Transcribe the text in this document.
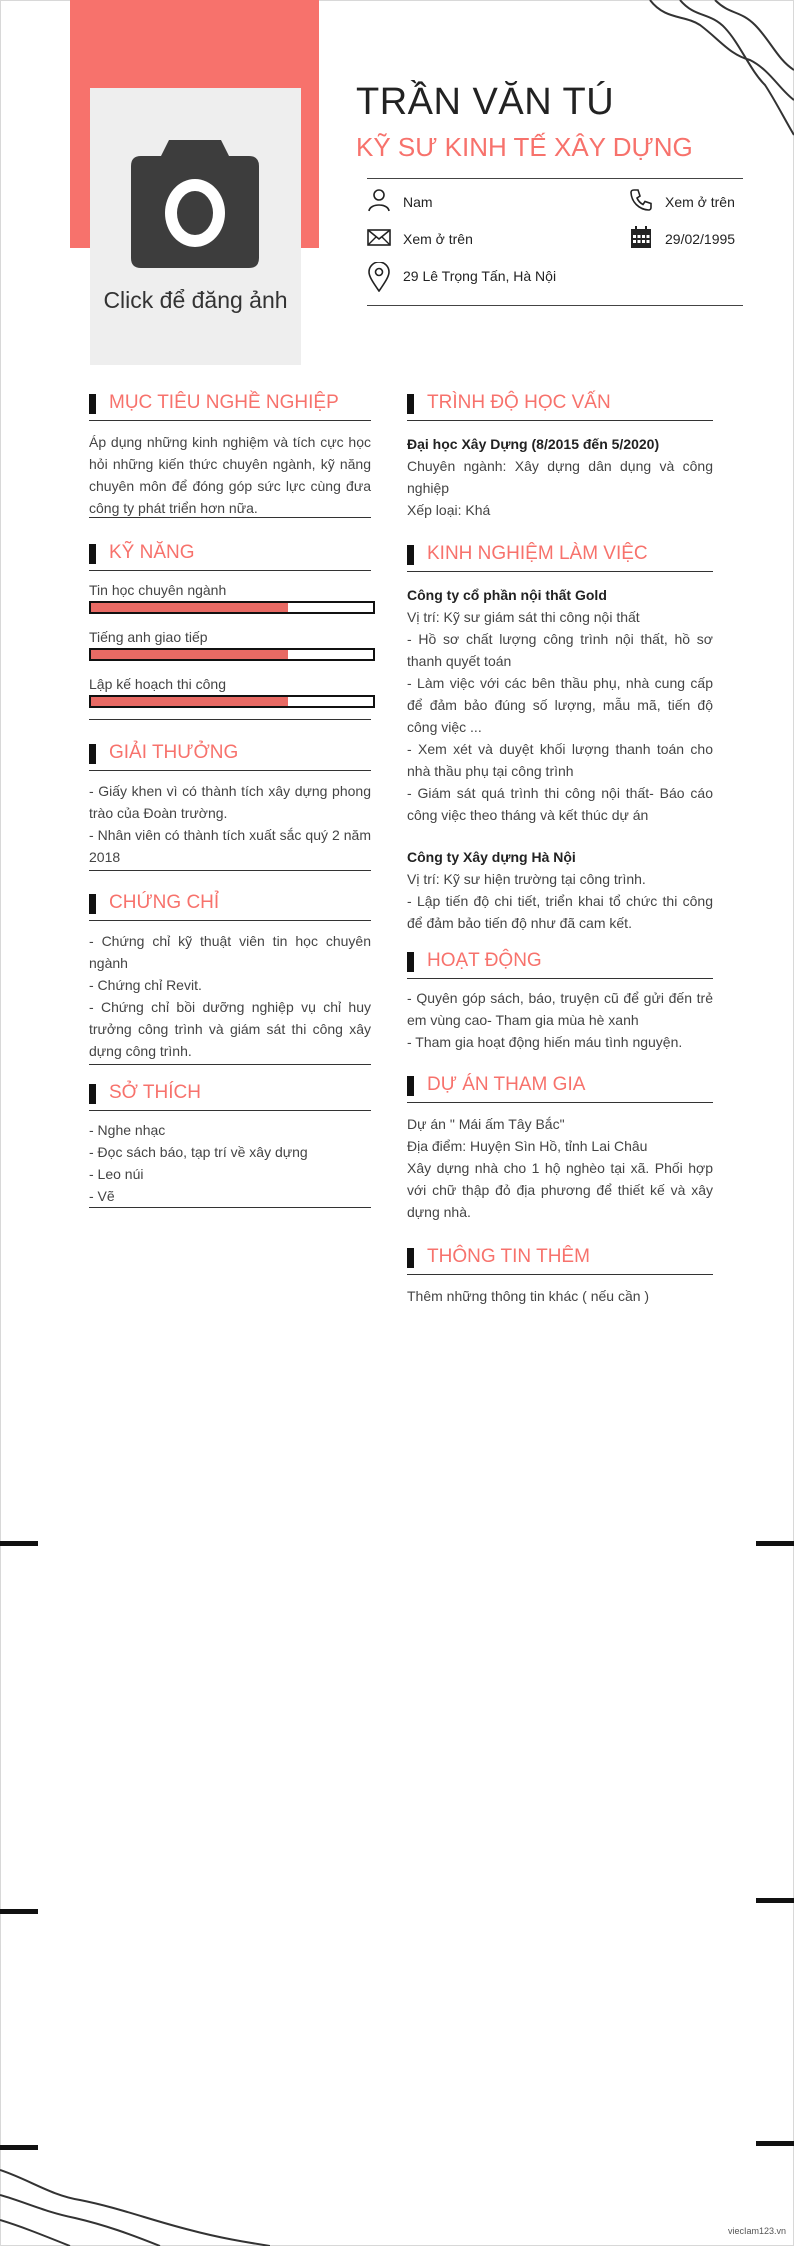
Click để đăng ảnh
TRẦN VĂN TÚ
KỸ SƯ KINH TẾ XÂY DỰNG
Nam	Xem ở trên
Xem ở trên	29/02/1995
29 Lê Trọng Tấn, Hà Nội
MỤC TIÊU NGHỀ NGHIỆP
Áp dụng những kinh nghiệm và tích cực học hỏi những kiến thức chuyên ngành, kỹ năng chuyên môn để đóng góp sức lực cùng đưa công ty phát triển hơn nữa.
KỸ NĂNG
Tin học chuyên ngành
Tiếng anh giao tiếp
Lập kế hoạch thi công
GIẢI THƯỞNG
- Giấy khen vì có thành tích xây dựng phong trào của Đoàn trường.
- Nhân viên có thành tích xuất sắc quý 2 năm 2018
CHỨNG CHỈ
- Chứng chỉ kỹ thuật viên tin học chuyên ngành
- Chứng chỉ Revit.
- Chứng chỉ bồi dưỡng nghiệp vụ chỉ huy trưởng công trình và giám sát thi công xây dựng công trình.
SỞ THÍCH
- Nghe nhạc
- Đọc sách báo, tạp trí về xây dựng
- Leo núi
- Vẽ
TRÌNH ĐỘ HỌC VẤN
Đại học Xây Dựng (8/2015 đến 5/2020)
Chuyên ngành: Xây dựng dân dụng và công nghiệp
Xếp loại: Khá
KINH NGHIỆM LÀM VIỆC
Công ty cổ phần nội thất Gold
Vị trí: Kỹ sư giám sát thi công nội thất
- Hồ sơ chất lượng công trình nội thất, hồ sơ thanh quyết toán
- Làm việc với các bên thầu phụ, nhà cung cấp để đảm bảo đúng số lượng, mẫu mã, tiến độ công việc ...
- Xem xét và duyệt khối lượng thanh toán cho nhà thầu phụ tại công trình
- Giám sát quá trình thi công nội thất- Báo cáo công việc theo tháng và kết thúc dự án
Công ty Xây dựng Hà Nội
Vị trí: Kỹ sư hiện trường tại công trình.
- Lập tiến độ chi tiết, triển khai tổ chức thi công để đảm bảo tiến độ như đã cam kết.
HOẠT ĐỘNG
- Quyên góp sách, báo, truyện cũ để gửi đến trẻ em vùng cao- Tham gia mùa hè xanh
- Tham gia hoạt động hiến máu tình nguyện.
DỰ ÁN THAM GIA
Dự án " Mái ấm Tây Bắc"
Địa điểm: Huyện Sìn Hồ, tỉnh Lai Châu
Xây dựng nhà cho 1 hộ nghèo tại xã. Phối hợp với chữ thập đỏ địa phương để thiết kế và xây dựng nhà.
THÔNG TIN THÊM
Thêm những thông tin khác ( nếu cần )
viecIam123.vn
